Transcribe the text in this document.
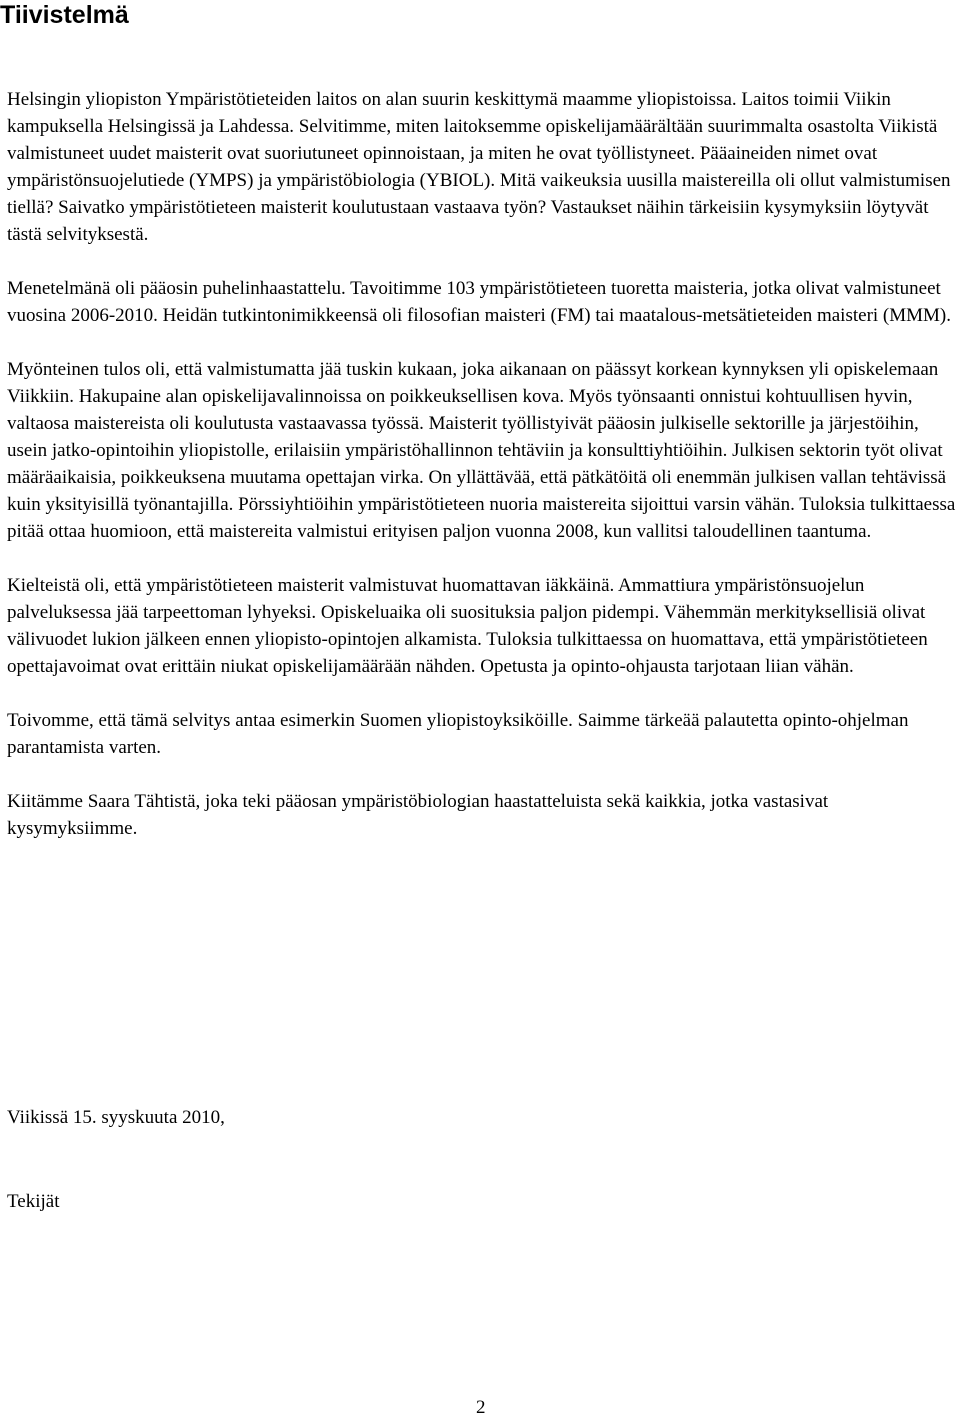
Tiivistelmä

Helsingin yliopiston Ympäristötieteiden laitos on alan suurin keskittymä maamme yliopistoissa. Laitos toimii Viikin kampuksella Helsingissä ja Lahdessa. Selvitimme, miten laitoksemme opiskelijamäärältään suurimmalta osastolta Viikistä valmistuneet uudet maisterit ovat suoriutuneet opinnoistaan, ja miten he ovat työllistyneet. Pääaineiden nimet ovat ympäristönsuojelutiede (YMPS) ja ympäristöbiologia (YBIOL). Mitä vaikeuksia uusilla maistereilla oli ollut valmistumisen tiellä? Saivatko ympäristötieteen maisterit koulutustaan vastaava työn? Vastaukset näihin tärkeisiin kysymyksiin löytyvät tästä selvityksestä.

Menetelmänä oli pääosin puhelinhaastattelu. Tavoitimme 103 ympäristötieteen tuoretta maisteria, jotka olivat valmistuneet vuosina 2006-2010. Heidän tutkintonimikkeensä oli filosofian maisteri (FM) tai maatalous-metsätieteiden maisteri (MMM).

Myönteinen tulos oli, että valmistumatta jää tuskin kukaan, joka aikanaan on päässyt korkean kynnyksen yli opiskelemaan Viikkiin. Hakupaine alan opiskelijavalinnoissa on poikkeuksellisen kova. Myös työnsaanti onnistui kohtuullisen hyvin, valtaosa maistereista oli koulutusta vastaavassa työssä. Maisterit työllistyivät pääosin julkiselle sektorille ja järjestöihin, usein jatko-opintoihin yliopistolle, erilaisiin ympäristöhallinnon tehtäviin ja konsulttiyhtiöihin. Julkisen sektorin työt olivat määräaikaisia, poikkeuksena muutama opettajan virka. On yllättävää, että pätkätöitä oli enemmän julkisen vallan tehtävissä kuin yksityisillä työnantajilla. Pörssiyhtiöihin ympäristötieteen nuoria maistereita sijoittui varsin vähän. Tuloksia tulkittaessa pitää ottaa huomioon, että maistereita valmistui erityisen paljon vuonna 2008, kun vallitsi taloudellinen taantuma.

Kielteistä oli, että ympäristötieteen maisterit valmistuvat huomattavan iäkkäinä. Ammattiura ympäristönsuojelun palveluksessa jää tarpeettoman lyhyeksi. Opiskeluaika oli suosituksia paljon pidempi. Vähemmän merkityksellisiä olivat välivuodet lukion jälkeen ennen yliopisto-opintojen alkamista. Tuloksia tulkittaessa on huomattava, että ympäristötieteen opettajavoimat ovat erittäin niukat opiskelijamäärään nähden. Opetusta ja opinto-ohjausta tarjotaan liian vähän.

Toivomme, että tämä selvitys antaa esimerkin Suomen yliopistoyksiköille. Saimme tärkeää palautetta opinto-ohjelman parantamista varten.

Kiitämme Saara Tähtistä, joka teki pääosan ympäristöbiologian haastatteluista sekä kaikkia, jotka vastasivat kysymyksiimme.

Viikissä 15. syyskuuta 2010,

Tekijät

2
